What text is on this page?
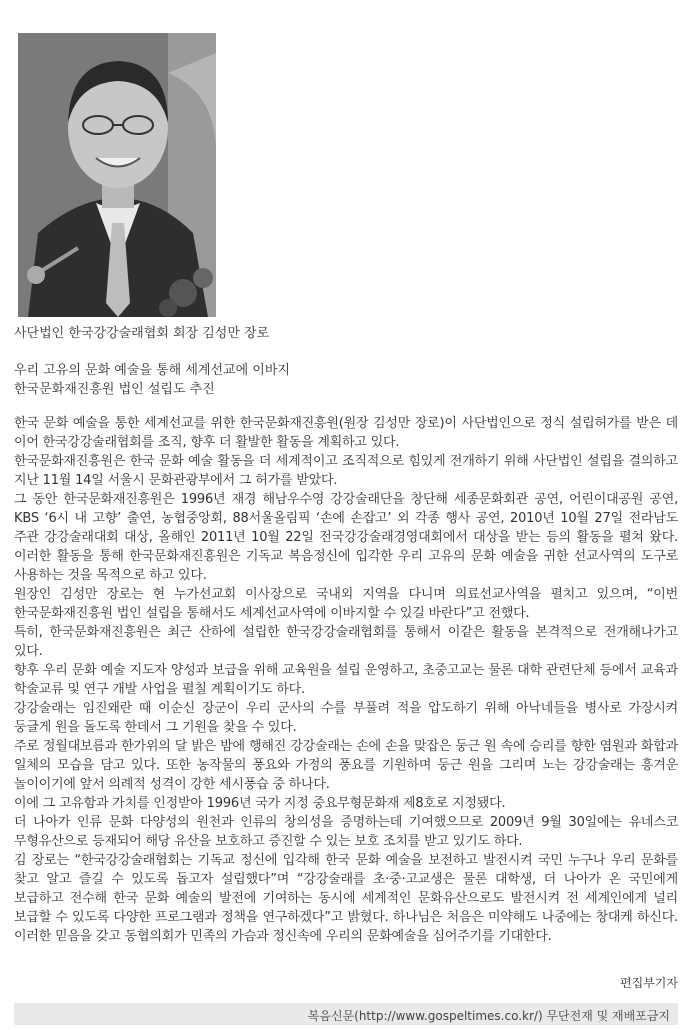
사단법인 한국강강술래협회 회장 김성만 장로
우리 고유의 문화 예술을 통해 세계선교에 이바지
한국문화재진흥원 법인 설립도 추진

한국 문화 예술을 통한 세계선교를 위한 한국문화재진흥원(원장 김성만 장로)이 사단법인으로 정식 설립허가를 받은 데 이어 한국강강술래협회를 조직, 향후 더 활발한 활동을 계획하고 있다.

한국문화재진흥원은 한국 문화 예술 활동을 더 세계적이고 조직적으로 힘있게 전개하기 위해 사단법인 설립을 결의하고 지난 11월 14일 서울시 문화관광부에서 그 허가를 받았다.

그 동안 한국문화재진흥원은 1996년 재경 해남우수영 강강술래단을 창단해 세종문화회관 공연, 어린이대공원 공연, KBS ‘6시 내 고향’ 출연, 농협중앙회, 88서울올림픽 ‘손에 손잡고’ 외 각종 행사 공연, 2010년 10월 27일 전라남도 주관 강강술래대회 대상, 올해인 2011년 10월 22일 전국강강술래경영대회에서 대상을 받는 등의 활동을 펼쳐 왔다. 이러한 활동을 통해 한국문화재진흥원은 기독교 복음정신에 입각한 우리 고유의 문화 예술을 귀한 선교사역의 도구로 사용하는 것을 목적으로 하고 있다.

원장인 김성만 장로는 현 누가선교회 이사장으로 국내외 지역을 다니며 의료선교사역을 펼치고 있으며, “이번 한국문화재진흥원 법인 설립을 통해서도 세계선교사역에 이바지할 수 있길 바란다”고 전했다.

특히, 한국문화재진흥원은 최근 산하에 설립한 한국강강술래협회를 통해서 이같은 활동을 본격적으로 전개해나가고 있다.

향후 우리 문화 예술 지도자 양성과 보급을 위해 교육원을 설립 운영하고, 초중고교는 물론 대학 관련단체 등에서 교육과 학술교류 및 연구 개발 사업을 펼칠 계획이기도 하다.

강강술래는 임진왜란 때 이순신 장군이 우리 군사의 수를 부풀려 적을 압도하기 위해 아낙네들을 병사로 가장시켜 둥글게 원을 돌도록 한데서 그 기원을 찾을 수 있다.

주로 정월대보름과 한가위의 달 밝은 밤에 행해진 강강술래는 손에 손을 맞잡은 둥근 원 속에 승리를 향한 염원과 화합과 일체의 모습을 담고 있다. 또한 농작물의 풍요와 가정의 풍요를 기원하며 둥근 원을 그리며 노는 강강술래는 흥겨운 놀이이기에 앞서 의례적 성격이 강한 세시풍습 중 하나다.

이에 그 고유함과 가치를 인정받아 1996년 국가 지정 중요무형문화재 제8호로 지정됐다.

더 나아가 인류 문화 다양성의 원천과 인류의 창의성을 증명하는데 기여했으므로 2009년 9월 30일에는 유네스코 무형유산으로 등재되어 해당 유산을 보호하고 증진할 수 있는 보호 조치를 받고 있기도 하다.

김 장로는 “한국강강술래협회는 기독교 정신에 입각해 한국 문화 예술을 보전하고 발전시켜 국민 누구나 우리 문화를 찾고 알고 즐길 수 있도록 돕고자 설립했다”며 “강강술래를 초·중·고교생은 물론 대학생, 더 나아가 온 국민에게 보급하고 전수해 한국 문화 예술의 발전에 기여하는 동시에 세계적인 문화유산으로도 발전시켜 전 세계인에게 널리 보급할 수 있도록 다양한 프로그램과 정책을 연구하겠다”고 밝혔다. 하나님은 처음은 미약해도 나중에는 창대케 하신다. 이러한 믿음을 갖고 동협의회가 민족의 가슴과 정신속에 우리의 문화예술을 심어주기를 기대한다.

편집부기자
복음신문(http://www.gospeltimes.co.kr/) 무단전재 및 재배포금지
